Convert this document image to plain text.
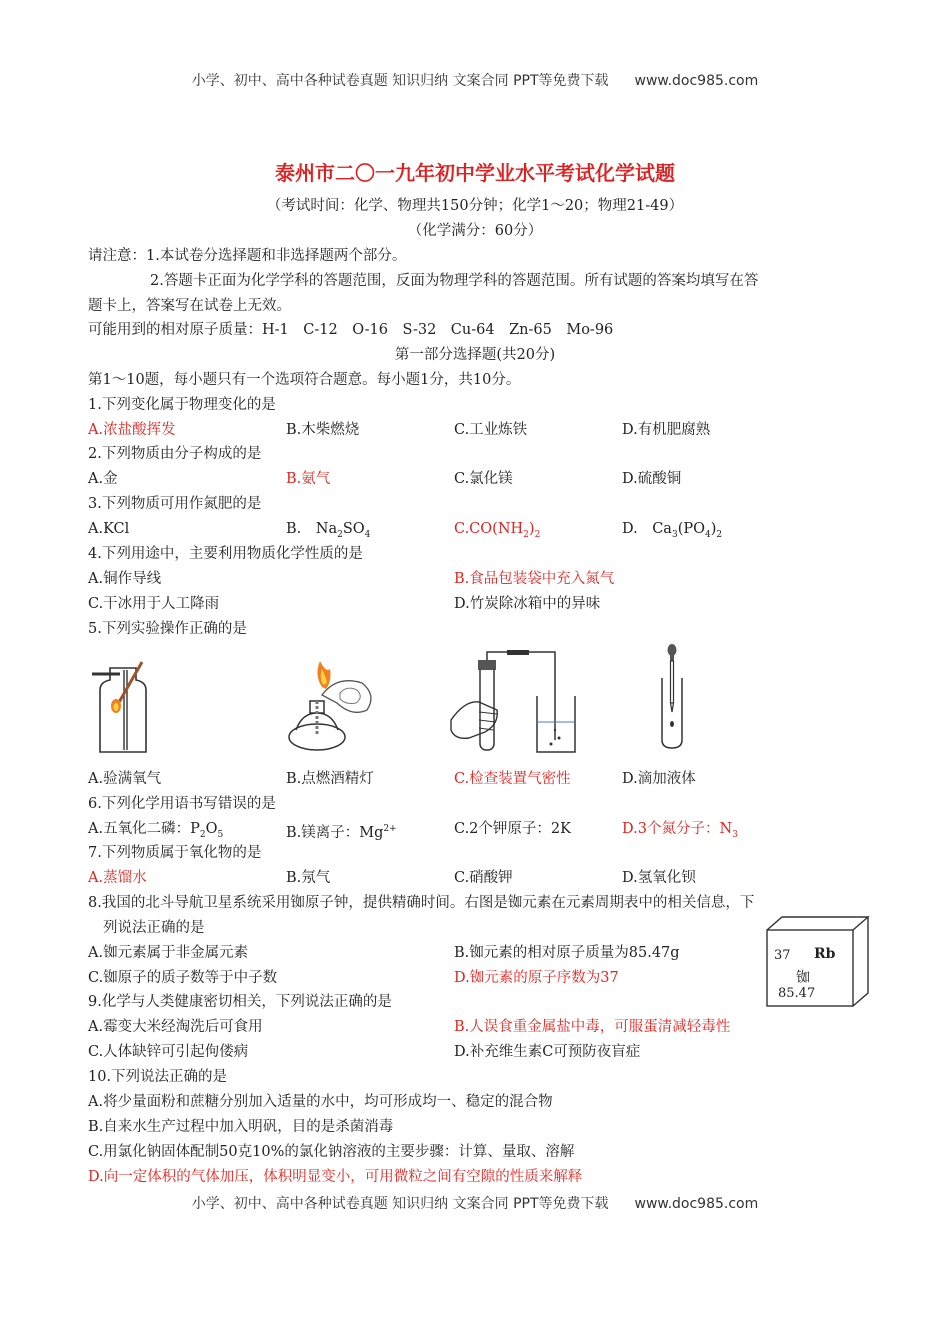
小学、初中、高中各种试卷真题 知识归纳 文案合同 PPT等免费下载 www.doc985.com
泰州市二〇一九年初中学业水平考试化学试题
（考试时间：化学、物理共150分钟；化学1～20；物理21-49）
（化学满分：60分）
请注意：1.本试卷分选择题和非选择题两个部分。
2.答题卡正面为化学学科的答题范围，反面为物理学科的答题范围。所有试题的答案均填写在答
题卡上，答案写在试卷上无效。
可能用到的相对原子质量：H-1　C-12　O-16　S-32　Cu-64　Zn-65　Mo-96
第一部分选择题(共20分)
第1～10题，每小题只有一个选项符合题意。每小题1分，共10分。
1.下列变化属于物理变化的是
A.浓盐酸挥发	B.木柴燃烧	C.工业炼铁	D.有机肥腐熟
2.下列物质由分子构成的是
A.金	B.氨气	C.氯化镁	D.硫酸铜
3.下列物质可用作氮肥的是
A.KCl	B.　$Na_2SO_4$	$C.CO(NH_2)_2$	D.　$Ca_3(PO_4)_2$
4.下列用途中，主要利用物质化学性质的是
A.铜作导线	B.食品包装袋中充入氮气
C.干冰用于人工降雨	D.竹炭除冰箱中的异味
5.下列实验操作正确的是
A.验满氧气	B.点燃酒精灯	C.检查装置气密性	D.滴加液体
6.下列化学用语书写错误的是
A.五氧化二磷：$P_2O_5$	B.镁离子：$Mg^{2+}$	C.2个钾原子：2K	D.3个氮分子：$N_3$
7.下列物质属于氧化物的是
A.蒸馏水	B.氖气	C.硝酸钾	D.氢氧化钡
8.我国的北斗导航卫星系统采用铷原子钟，提供精确时间。右图是铷元素在元素周期表中的相关信息，下
列说法正确的是
A.铷元素属于非金属元素	B.铷元素的相对原子质量为85.47g
C.铷原子的质子数等于中子数	D.铷元素的原子序数为37
37 Rb
铷
85.47
9.化学与人类健康密切相关，下列说法正确的是
A.霉变大米经淘洗后可食用	B.人误食重金属盐中毒，可服蛋清减轻毒性
C.人体缺锌可引起佝偻病	D.补充维生素C可预防夜盲症
10.下列说法正确的是
A.将少量面粉和蔗糖分别加入适量的水中，均可形成均一、稳定的混合物
B.自来水生产过程中加入明矾，目的是杀菌消毒
C.用氯化钠固体配制50克10%的氯化钠溶液的主要步骤：计算、量取、溶解
D.向一定体积的气体加压，体积明显变小，可用微粒之间有空隙的性质来解释
小学、初中、高中各种试卷真题 知识归纳 文案合同 PPT等免费下载 www.doc985.com
